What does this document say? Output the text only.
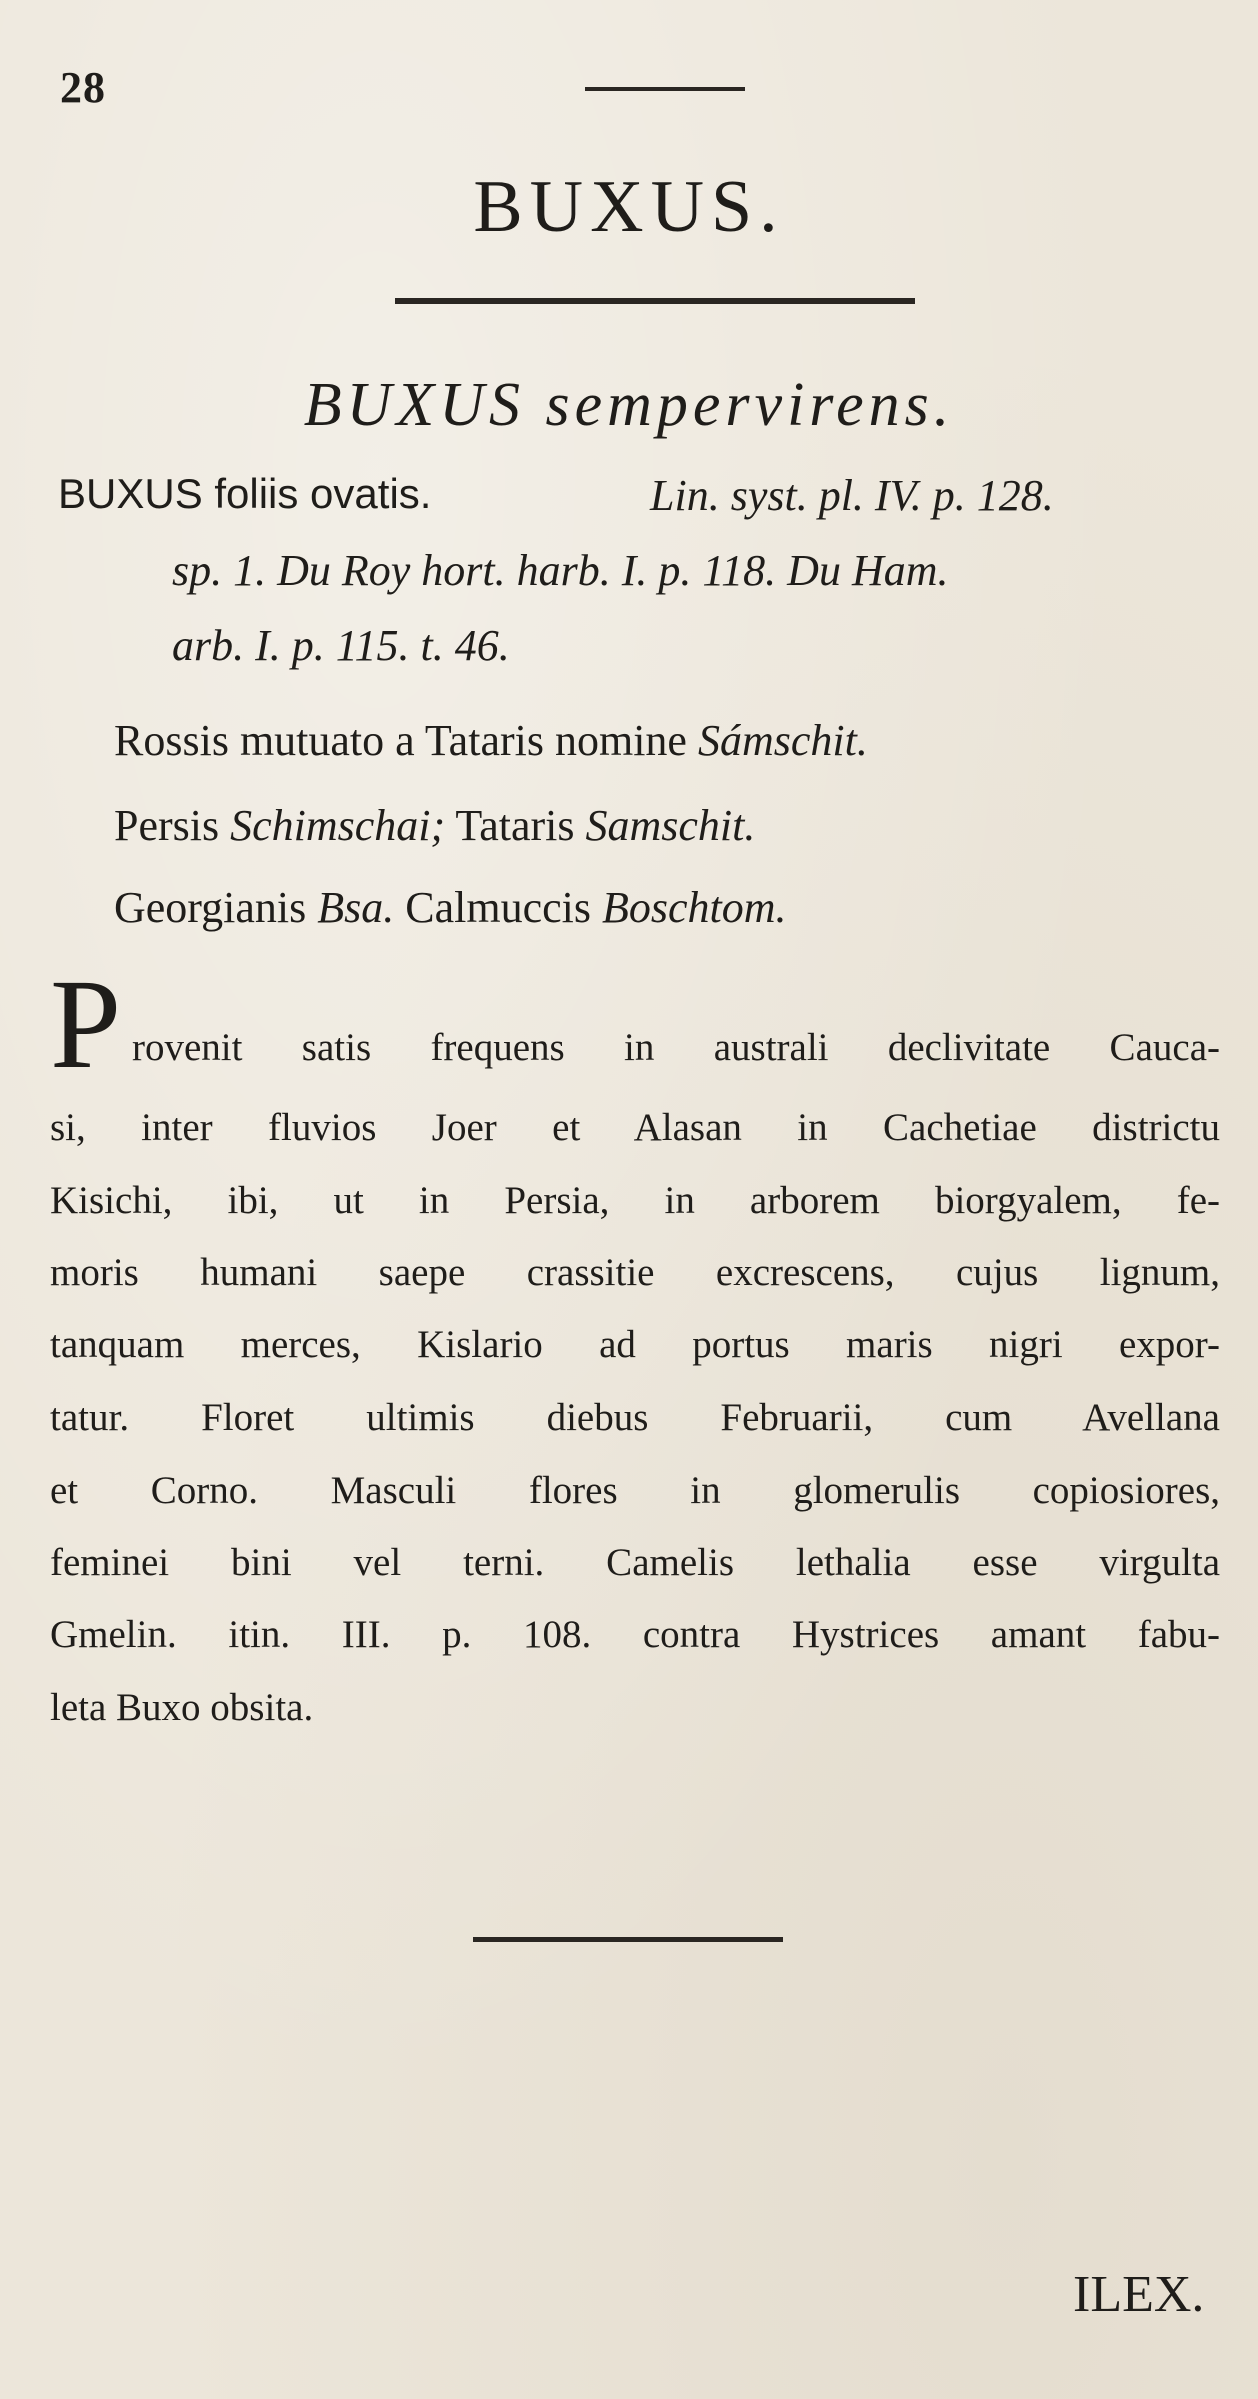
28
BUXUS.
BUXUS sempervirens.
BUXUS foliis ovatis.	Lin. syst. pl. IV. p. 128.
sp. 1. Du Roy hort. harb. I. p. 118. Du Ham.
arb. I. p. 115. t. 46.
Rossis mutuato a Tataris nomine Sámschit.
Persis Schimschai; Tataris Samschit.
Georgianis Bsa. Calmuccis Boschtom.
P rovenit satis frequens in australi declivitate Cauca-
si, inter fluvios Joer et Alasan in Cachetiae districtu
Kisichi, ibi, ut in Persia, in arborem biorgyalem, fe-
moris humani saepe crassitie excrescens, cujus lignum,
tanquam merces, Kislario ad portus maris nigri expor-
tatur. Floret ultimis diebus Februarii, cum Avellana
et Corno. Masculi flores in glomerulis copiosiores,
feminei bini vel terni. Camelis lethalia esse virgulta
Gmelin. itin. III. p. 108. contra Hystrices amant fabu-
leta Buxo obsita.
ILEX.
